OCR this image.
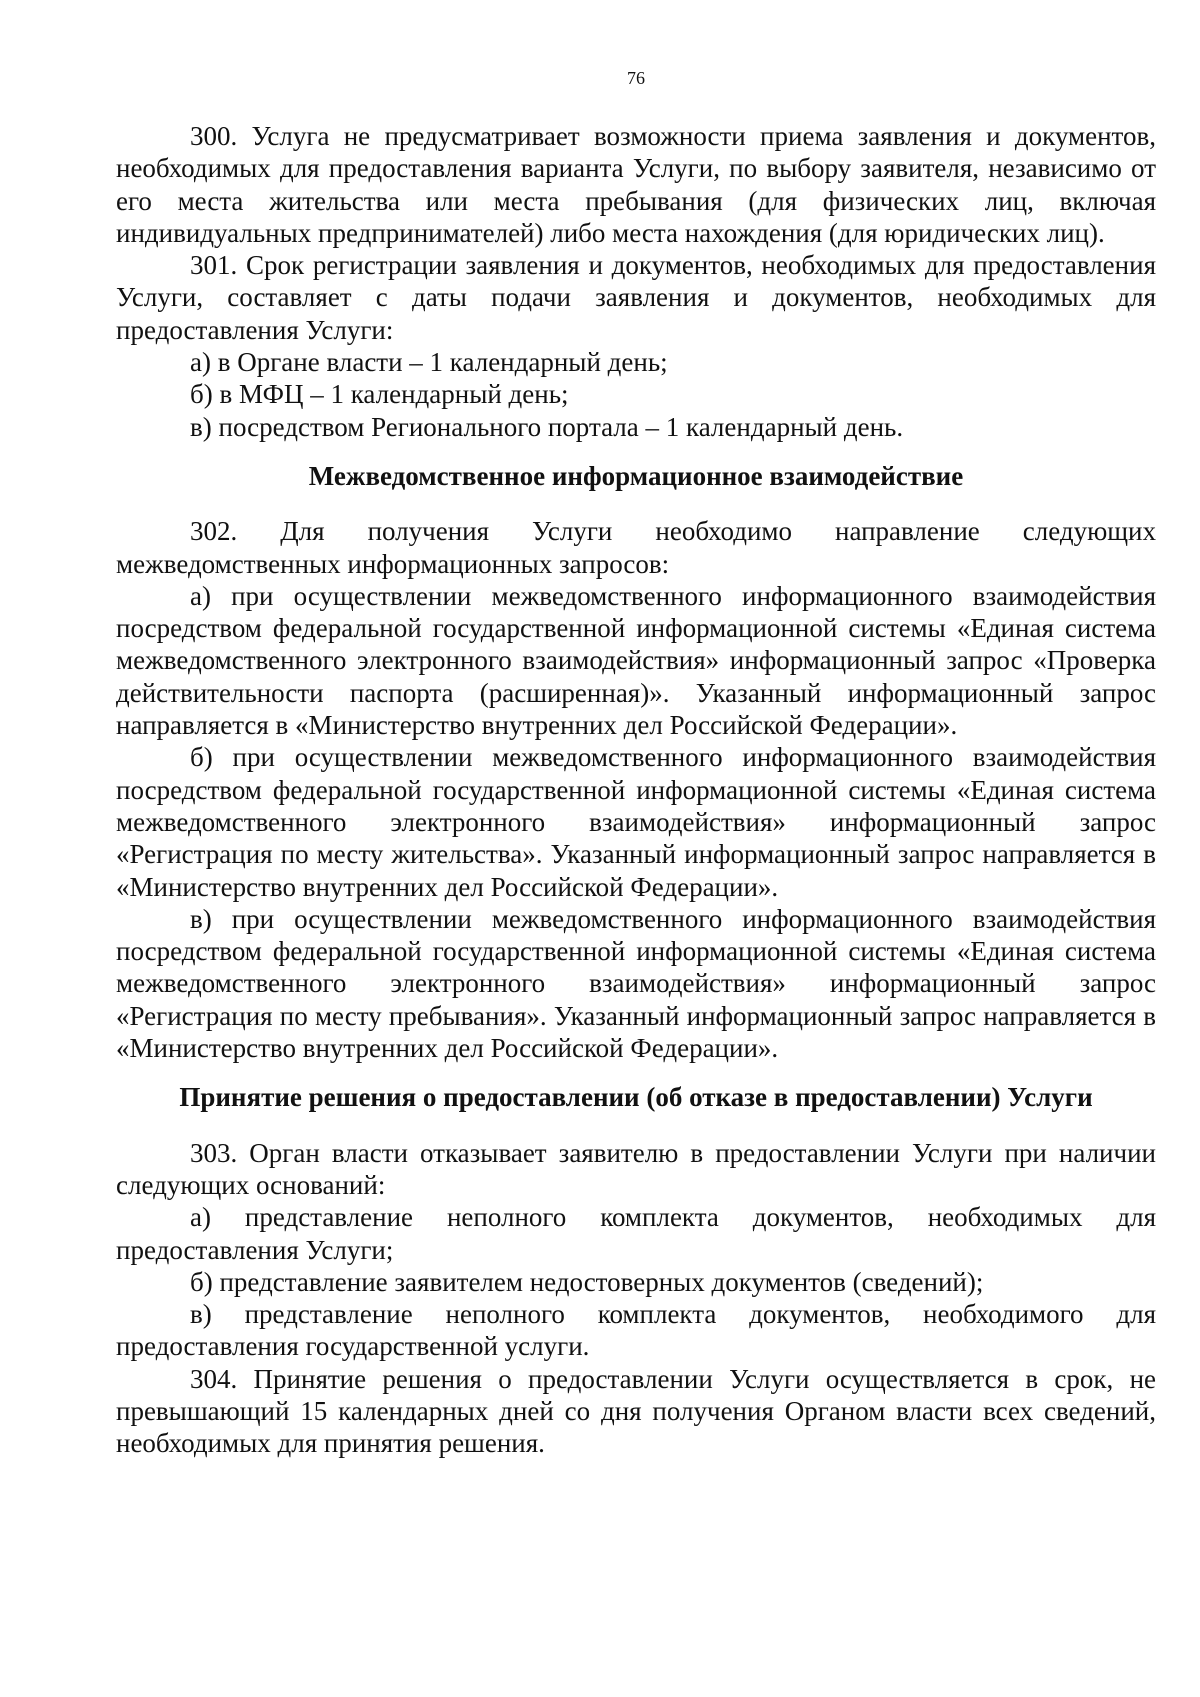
76

300. Услуга не предусматривает возможности приема заявления и документов, необходимых для предоставления варианта Услуги, по выбору заявителя, независимо от его места жительства или места пребывания (для физических лиц, включая индивидуальных предпринимателей) либо места нахождения (для юридических лиц).

301. Срок регистрации заявления и документов, необходимых для предоставления Услуги, составляет с даты подачи заявления и документов, необходимых для предоставления Услуги:

а) в Органе власти – 1 календарный день;

б) в МФЦ – 1 календарный день;

в) посредством Регионального портала – 1 календарный день.

Межведомственное информационное взаимодействие

302. Для получения Услуги необходимо направление следующих межведомственных информационных запросов:

а) при осуществлении межведомственного информационного взаимодействия посредством федеральной государственной информационной системы «Единая система межведомственного электронного взаимодействия» информационный запрос «Проверка действительности паспорта (расширенная)». Указанный информационный запрос направляется в «Министерство внутренних дел Российской Федерации».

б) при осуществлении межведомственного информационного взаимодействия посредством федеральной государственной информационной системы «Единая система межведомственного электронного взаимодействия» информационный запрос «Регистрация по месту жительства». Указанный информационный запрос направляется в «Министерство внутренних дел Российской Федерации».

в) при осуществлении межведомственного информационного взаимодействия посредством федеральной государственной информационной системы «Единая система межведомственного электронного взаимодействия» информационный запрос «Регистрация по месту пребывания». Указанный информационный запрос направляется в «Министерство внутренних дел Российской Федерации».

Принятие решения о предоставлении (об отказе в предоставлении) Услуги

303. Орган власти отказывает заявителю в предоставлении Услуги при наличии следующих оснований:

а) представление неполного комплекта документов, необходимых для предоставления Услуги;

б) представление заявителем недостоверных документов (сведений);

в) представление неполного комплекта документов, необходимого для предоставления государственной услуги.

304. Принятие решения о предоставлении Услуги осуществляется в срок, не превышающий 15 календарных дней со дня получения Органом власти всех сведений, необходимых для принятия решения.
